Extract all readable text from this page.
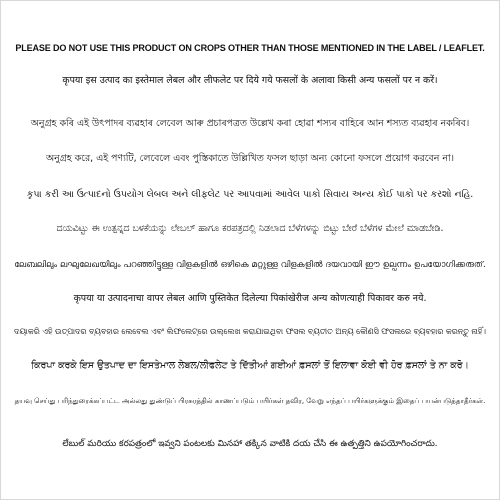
PLEASE DO NOT USE THIS PRODUCT ON CROPS OTHER THAN THOSE MENTIONED IN THE LABEL / LEAFLET.

कृपया इस उत्पाद का इस्तेमाल लेबल और लीफलेट पर दिये गये फसलों के अलावा किसी अन्य फसलों पर न करें।

অনুগ্ৰহ কৰি এই উৎপাদৰ ব্যৱহাৰ লেবেল আৰু প্ৰচাৰপত্ৰত উল্লেখ কৰা হোৱা শস্যৰ বাহিৰে আন শস্যত ব্যৱহাৰ নকৰিব।

অনুগ্রহ করে, এই পণ্যটি, লেবেলে এবং পুস্তিকাতে উল্লিখিত ফসল ছাড়া অন্য কোনো ফসলে প্রয়োগ করবেন না।

કૃપા કરી આ ઉત્પાદનો ઉપયોગ લેબલ અને લીફલેટ પર આપવામાં આવેલ પાકો સિવાય અન્ય કોઈ પાકો પર કરશો નહિ.

ದಯವಿಟ್ಟು ಈ ಉತ್ಪನ್ನದ ಬಳಕೆಯನ್ನು ಲೇಬಲ್ ಹಾಗೂ ಕರಪತ್ರದಲ್ಲಿ ನಿಡಲಾದ ಬೆಳೆಗಳನ್ನು ಬಿಟ್ಟು ಬೇರೆ ಬೆಳೆಗಳ ಮೇಲೆ ಮಾಡಬೇಡಿ.

ലേബലിലും ലഘുലേഖയിലും പറഞ്ഞിട്ടുള്ള വിളകളിൽ ഒഴികെ മറ്റുള്ള വിളകളിൽ ദയവായി ഈ ഉല്പന്നം ഉപയോഗിക്കരുത്.

कृपया या उत्पादनाचा वापर लेबल आणि पुस्तिकेत दिलेल्या पिकांखेरीज अन्य कोणत्याही पिकावर करु नये.

ଦୟାକରି ଏହି ଉତ୍ପାଦର ବ୍ୟବହାର ଲେବେଲ ଏବଂ ଲିଫଲେଟ୍‌ରେ ଉଲ୍ଲେଖ କରାଯାଇଥିବା ଫସଲ ବ୍ୟତୀତ ଅନ୍ୟ କୌଣସି ଫସଲରେ ବ୍ୟବହାର କରନ୍ତୁ ନାହିଁ।

ਕਿਰਪਾ ਕਰਕੇ ਇਸ ਉਤਪਾਦ ਦਾ ਇਸਤੇਮਾਲ ਲੇਬਲ/ਲੀਫਲੇਟ ਤੇ ਦਿੱਤੀਆਂ ਗਈਆਂ ਫ਼ਸਲਾਂ ਤੋਂ ਇਲਾਵਾ ਕੋਈ ਵੀ ਹੋਰ ਫ਼ਸਲਾਂ ਤੇ ਨਾ ਕਰੋ।

தயவு செய்து பரிந்துரைக்கப்பட்ட அல்லது துண்டுப் பிரசுரத்தில் காணப்படும் பயிர்கள் தவிர, வேறு எந்தப் பயிர்களுக்கும் இதைப் பயன்படுத்தாதீர்கள்.

లేబుల్ మరియు కరపత్రంలో ఇవ్వని పంటలకు మినహా తక్కిన వాటికి దయ చేసి ఈ ఉత్పత్తిని ఉపయోగించరాదు.
